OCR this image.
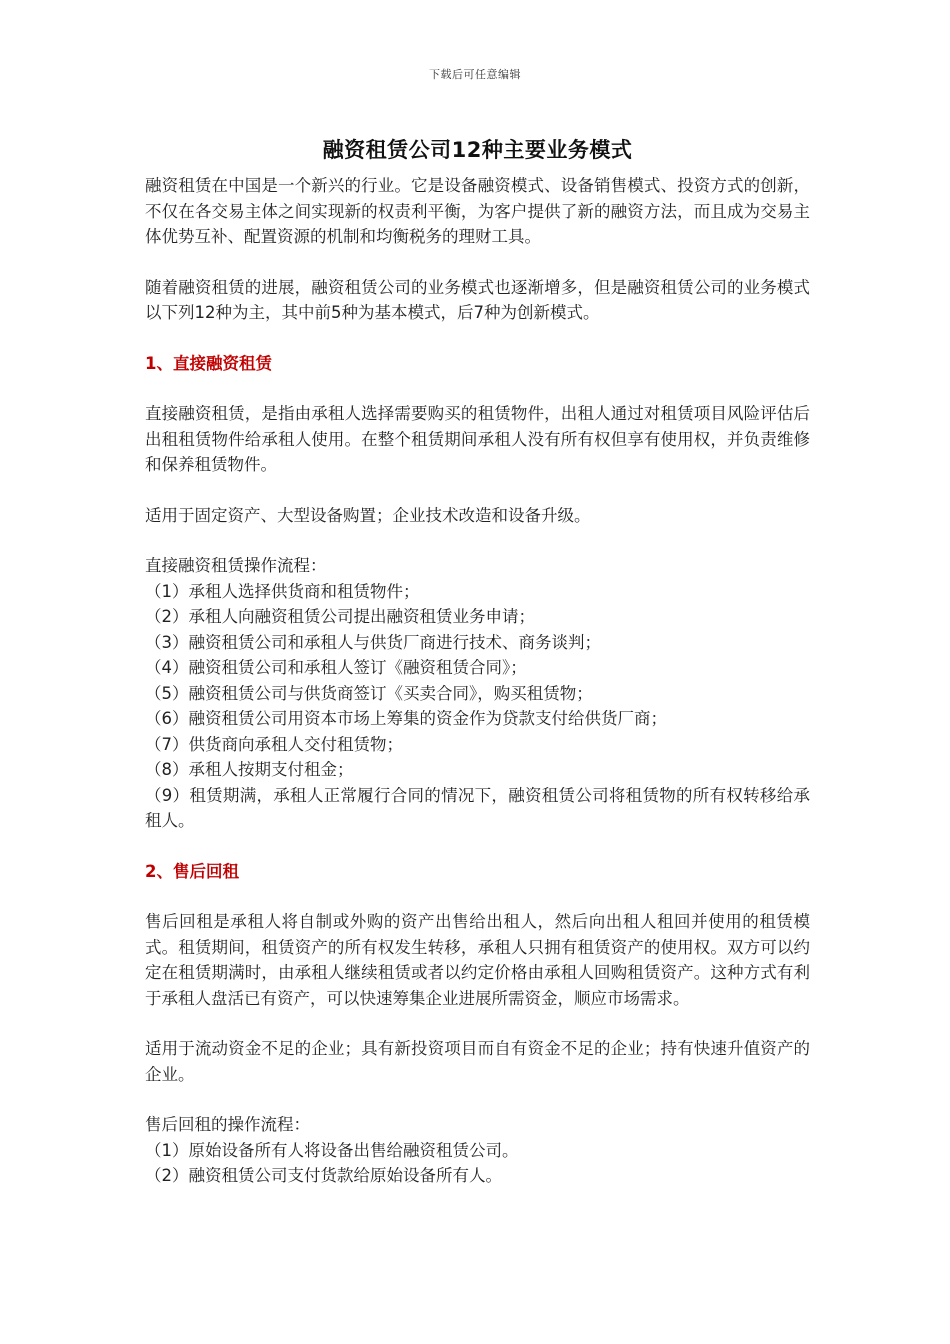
下载后可任意编辑
融资租赁公司12种主要业务模式

融资租赁在中国是一个新兴的行业。它是设备融资模式、设备销售模式、投资方式的创新，不仅在各交易主体之间实现新的权责利平衡，为客户提供了新的融资方法，而且成为交易主体优势互补、配置资源的机制和均衡税务的理财工具。

随着融资租赁的进展，融资租赁公司的业务模式也逐渐增多，但是融资租赁公司的业务模式以下列12种为主，其中前5种为基本模式，后7种为创新模式。

1、直接融资租赁

直接融资租赁，是指由承租人选择需要购买的租赁物件，出租人通过对租赁项目风险评估后出租租赁物件给承租人使用。在整个租赁期间承租人没有所有权但享有使用权，并负责维修和保养租赁物件。

适用于固定资产、大型设备购置；企业技术改造和设备升级。

直接融资租赁操作流程：

（1）承租人选择供货商和租赁物件；

（2）承租人向融资租赁公司提出融资租赁业务申请；

（3）融资租赁公司和承租人与供货厂商进行技术、商务谈判；

（4）融资租赁公司和承租人签订《融资租赁合同》；

（5）融资租赁公司与供货商签订《买卖合同》，购买租赁物；

（6）融资租赁公司用资本市场上筹集的资金作为贷款支付给供货厂商；

（7）供货商向承租人交付租赁物；

（8）承租人按期支付租金；

（9）租赁期满，承租人正常履行合同的情况下，融资租赁公司将租赁物的所有权转移给承租人。

2、售后回租

售后回租是承租人将自制或外购的资产出售给出租人，然后向出租人租回并使用的租赁模式。租赁期间，租赁资产的所有权发生转移，承租人只拥有租赁资产的使用权。双方可以约定在租赁期满时，由承租人继续租赁或者以约定价格由承租人回购租赁资产。这种方式有利于承租人盘活已有资产，可以快速筹集企业进展所需资金，顺应市场需求。

适用于流动资金不足的企业；具有新投资项目而自有资金不足的企业；持有快速升值资产的企业。

售后回租的操作流程：

（1）原始设备所有人将设备出售给融资租赁公司。

（2）融资租赁公司支付货款给原始设备所有人。
